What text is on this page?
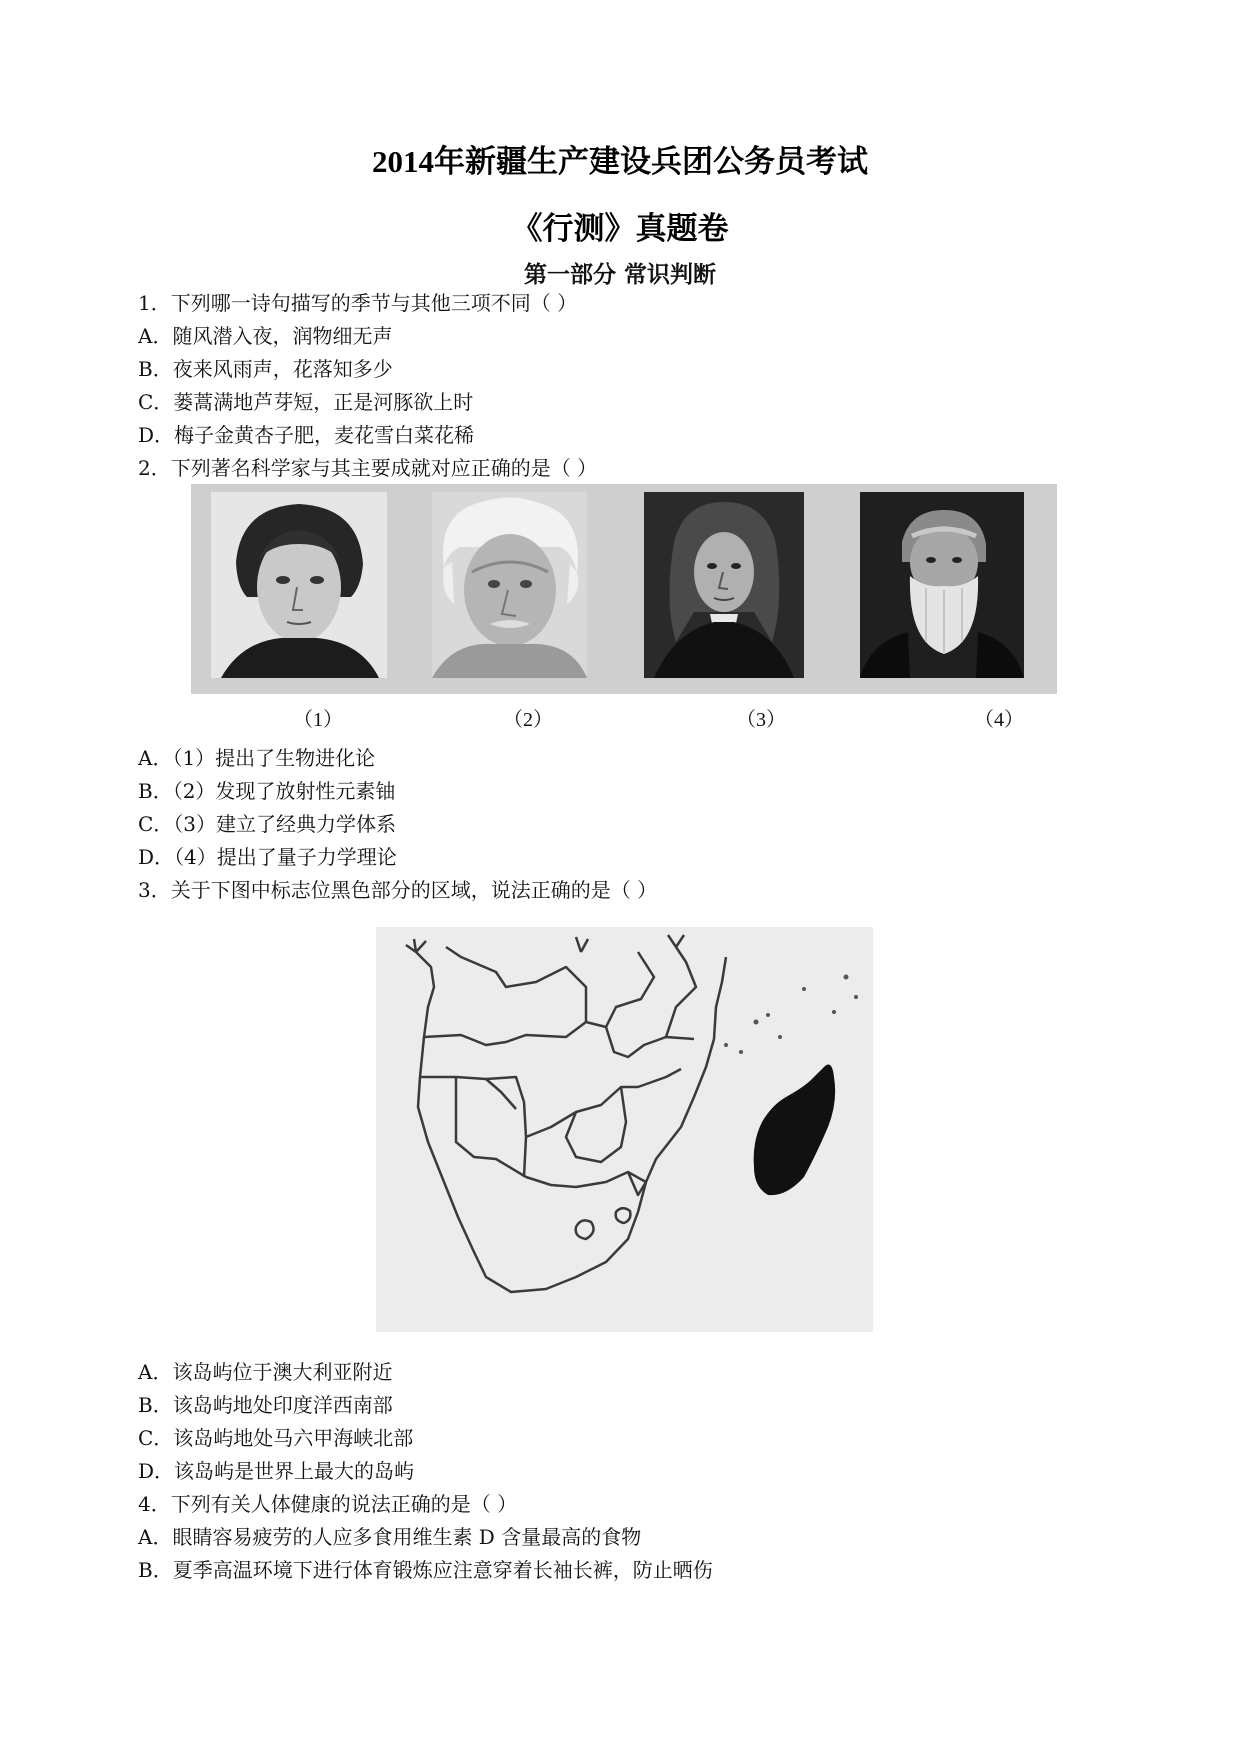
2014年新疆生产建设兵团公务员考试
《行测》真题卷
第一部分 常识判断
1．下列哪一诗句描写的季节与其他三项不同（ ）
A．随风潜入夜，润物细无声
B．夜来风雨声，花落知多少
C．蒌蒿满地芦芽短，正是河豚欲上时
D．梅子金黄杏子肥，麦花雪白菜花稀
2．下列著名科学家与其主要成就对应正确的是（ ）
（1）	（2）	（3）	（4）
A．（1）提出了生物进化论
B．（2）发现了放射性元素铀
C．（3）建立了经典力学体系
D．（4）提出了量子力学理论
3．关于下图中标志位黑色部分的区域，说法正确的是（ ）
A．该岛屿位于澳大利亚附近
B．该岛屿地处印度洋西南部
C．该岛屿地处马六甲海峡北部
D．该岛屿是世界上最大的岛屿
4．下列有关人体健康的说法正确的是（ ）
A．眼睛容易疲劳的人应多食用维生素 D 含量最高的食物
B．夏季高温环境下进行体育锻炼应注意穿着长袖长裤，防止晒伤
